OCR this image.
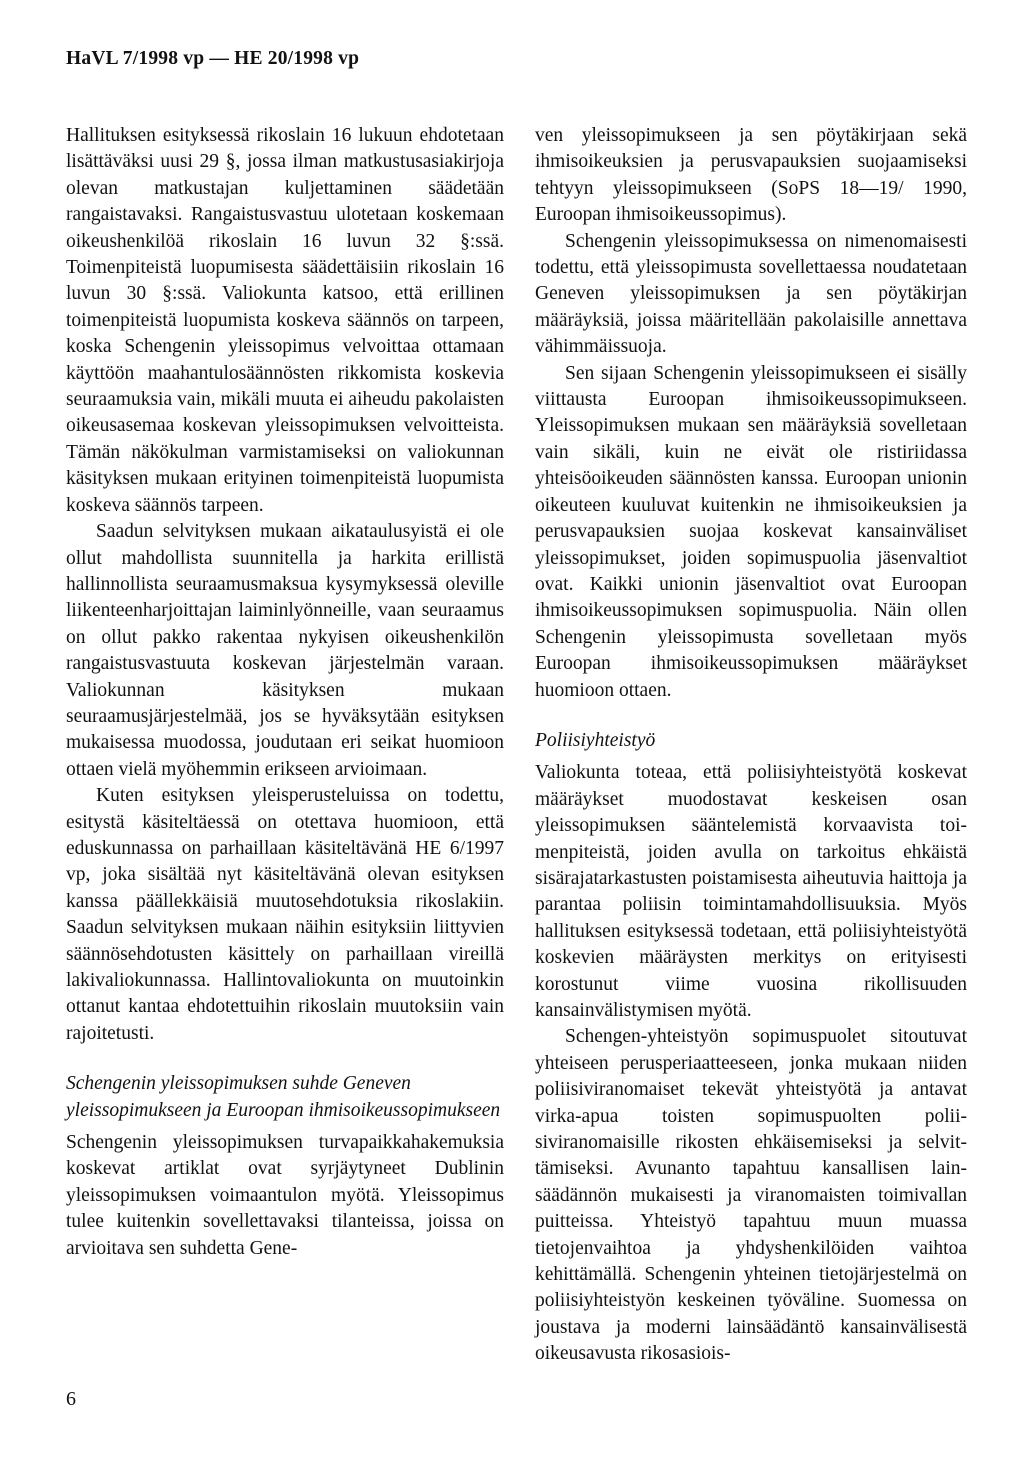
HaVL 7/1998 vp — HE 20/1998 vp

Hallituksen esityksessä rikoslain 16 lukuun ehdotetaan lisättäväksi uusi 29 §, jossa ilman matkustusasiakirjoja olevan matkustajan kuljettaminen säädetään rangaistavaksi. Rangaistusvastuu ulotetaan koskemaan oikeushenkilöä rikoslain 16 luvun 32 §:ssä. Toimenpiteistä luopumisesta säädettäisiin rikoslain 16 luvun 30 §:ssä. Valiokunta katsoo, että erillinen toimenpiteistä luopumista koskeva säännös on tarpeen, koska Schengenin yleissopimus velvoittaa ottamaan käyttöön maahantulosäännösten rikkomista koskevia seuraamuksia vain, mikäli muuta ei aiheudu pakolaisten oikeusasemaa koskevan yleissopimuksen velvoitteista. Tämän näkökulman varmistamiseksi on valiokunnan käsityksen mukaan erityinen toimenpiteistä luopumista koskeva säännös tarpeen.

Saadun selvityksen mukaan aikataulusyistä ei ole ollut mahdollista suunnitella ja harkita erillistä hallinnollista seuraamusmaksua kysymyksessä oleville liikenteenharjoittajan laiminlyönneille, vaan seuraamus on ollut pakko rakentaa nykyisen oikeushenkilön rangaistusvastuuta koskevan järjestelmän varaan. Valiokunnan käsityksen mukaan seuraamusjärjestelmää, jos se hyväksytään esityksen mukaisessa muodossa, joudutaan eri seikat huomioon ottaen vielä myöhemmin erikseen arvioimaan.

Kuten esityksen yleisperusteluissa on todettu, esitystä käsiteltäessä on otettava huomioon, että eduskunnassa on parhaillaan käsiteltävänä HE 6/1997 vp, joka sisältää nyt käsiteltävänä olevan esityksen kanssa päällekkäisiä muutosehdotuksia rikoslakiin. Saadun selvityksen mukaan näihin esityksiin liittyvien säännösehdotusten käsittely on parhaillaan vireillä lakivaliokunnassa. Hallintovaliokunta on muutoinkin ottanut kantaa ehdotettuihin rikoslain muutoksiin vain rajoitetusti.

Schengenin yleissopimuksen suhde Geneven yleissopimukseen ja Euroopan ihmisoikeussopimukseen

Schengenin yleissopimuksen turvapaikkahakemuksia koskevat artiklat ovat syrjäytyneet Dublinin yleissopimuksen voimaantulon myötä. Yleissopimus tulee kuitenkin sovellettavaksi tilanteissa, joissa on arvioitava sen suhdetta Gene-

ven yleissopimukseen ja sen pöytäkirjaan sekä ihmisoikeuksien ja perusvapauksien suojaamiseksi tehtyyn yleissopimukseen (SoPS 18—19/ 1990, Euroopan ihmisoikeussopimus).

Schengenin yleissopimuksessa on nimenomaisesti todettu, että yleissopimusta sovellettaessa noudatetaan Geneven yleissopimuksen ja sen pöytäkirjan määräyksiä, joissa määritellään pakolaisille annettava vähimmäissuoja.

Sen sijaan Schengenin yleissopimukseen ei sisälly viittausta Euroopan ihmisoikeussopimukseen. Yleissopimuksen mukaan sen määräyksiä sovelletaan vain sikäli, kuin ne eivät ole ristiriidassa yhteisöoikeuden säännösten kanssa. Euroopan unionin oikeuteen kuuluvat kuitenkin ne ihmisoikeuksien ja perusvapauksien suojaa koskevat kansainväliset yleissopimukset, joiden sopimuspuolia jäsenvaltiot ovat. Kaikki unionin jäsenvaltiot ovat Euroopan ihmisoikeussopimuksen sopimuspuolia. Näin ollen Schengenin yleissopimusta sovelletaan myös Euroopan ihmisoikeussopimuksen määräykset huomioon ottaen.

Poliisiyhteistyö

Valiokunta toteaa, että poliisiyhteistyötä koskevat määräykset muodostavat keskeisen osan yleissopimuksen sääntelemistä korvaavista toimenpiteistä, joiden avulla on tarkoitus ehkäistä sisärajatarkastusten poistamisesta aiheutuvia haittoja ja parantaa poliisin toimintamahdollisuuksia. Myös hallituksen esityksessä todetaan, että poliisiyhteistyötä koskevien määräysten merkitys on erityisesti korostunut viime vuosina rikollisuuden kansainvälistymisen myötä.

Schengen-yhteistyön sopimuspuolet sitoutuvat yhteiseen perusperiaatteeseen, jonka mukaan niiden poliisiviranomaiset tekevät yhteistyötä ja antavat virka-apua toisten sopimuspuolten poliisiviranomaisille rikosten ehkäisemiseksi ja selvittämiseksi. Avunanto tapahtuu kansallisen lainsäädännön mukaisesti ja viranomaisten toimivallan puitteissa. Yhteistyö tapahtuu muun muassa tietojenvaihtoa ja yhdyshenkilöiden vaihtoa kehittämällä. Schengenin yhteinen tietojärjestelmä on poliisiyhteistyön keskeinen työväline. Suomessa on joustava ja moderni lainsäädäntö kansainvälisestä oikeusavusta rikosasiois-

6
